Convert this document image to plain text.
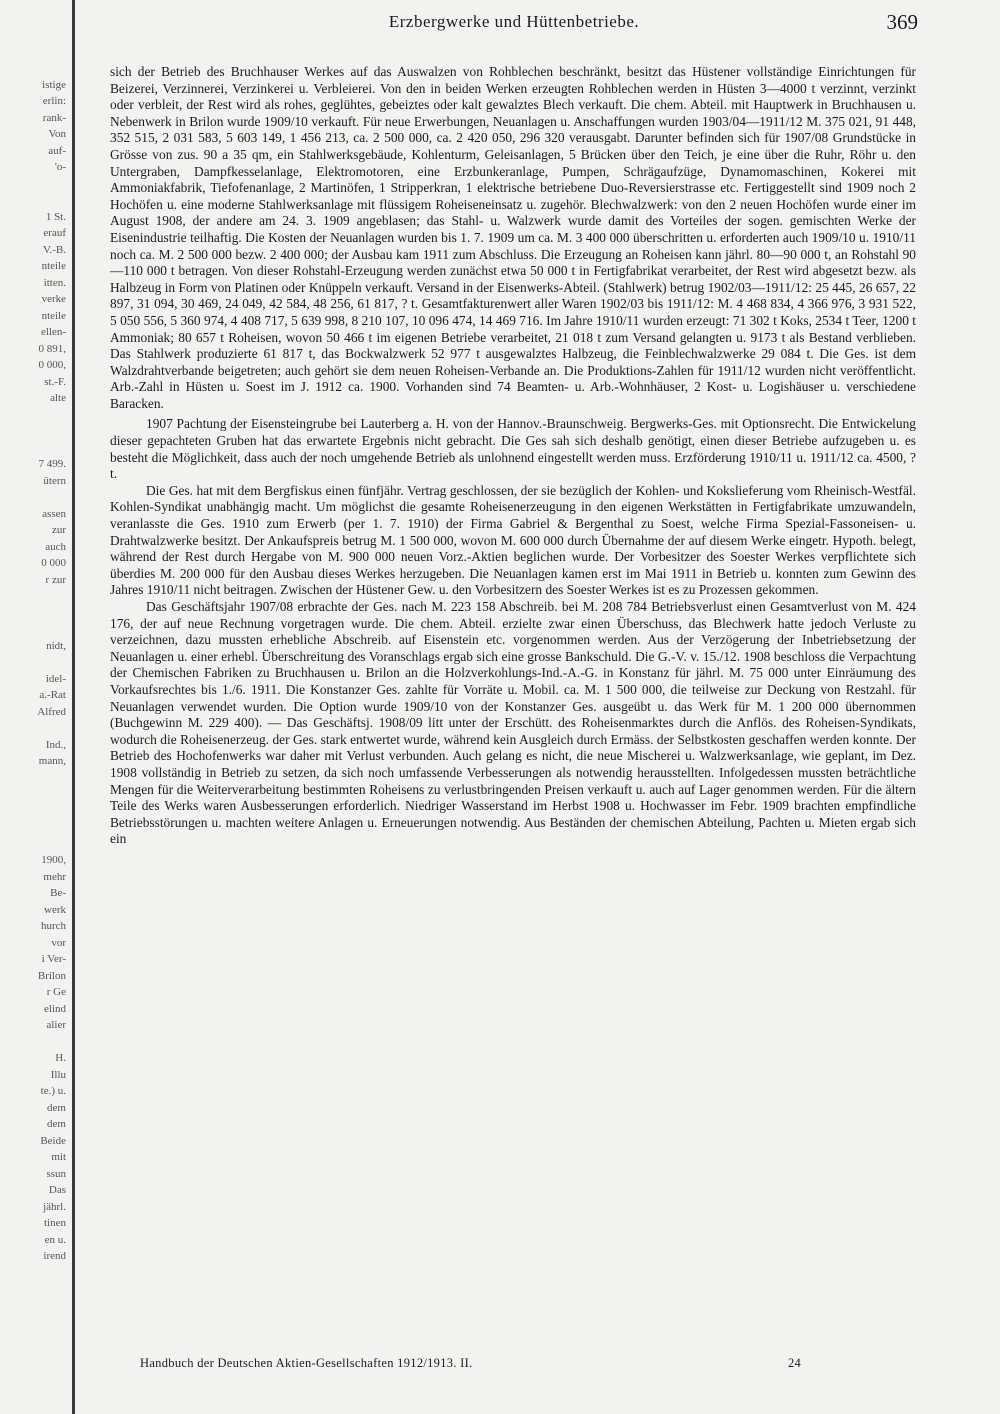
istige
erlin:
rank-
Von
auf-
'o-
1 St.
erauf
V.-B.
nteile
itten.
verke
nteile
ellen-
0 891,
0 000,
st.-F.
alte
7 499.
ütern
assen
zur
auch
0 000
r zur
nidt,
idel-
a.-Rat
Alfred
Ind.,
mann,
1900,
mehr
Be-
werk
hurch
vor
i Ver-
Brilon
r Ge
elind
alier
H.
Illu
te.) u.
dem
dem
Beide
mit
ssun
Das
jährl.
tinen
en u.
irend
Erzbergwerke und Hüttenbetriebe.	369

sich der Betrieb des Bruchhauser Werkes auf das Auswalzen von Rohblechen beschränkt, besitzt das Hüstener vollständige Einrichtungen für Beizerei, Verzinnerei, Verzinkerei u. Verbleierei. Von den in beiden Werken erzeugten Rohblechen werden in Hüsten 3—4000 t verzinnt, verzinkt oder verbleit, der Rest wird als rohes, geglühtes, gebeiztes oder kalt gewalztes Blech verkauft. Die chem. Abteil. mit Hauptwerk in Bruchhausen u. Nebenwerk in Brilon wurde 1909/10 verkauft. Für neue Erwerbungen, Neuanlagen u. Anschaffungen wurden 1903/04—1911/12 M. 375 021, 91 448, 352 515, 2 031 583, 5 603 149, 1 456 213, ca. 2 500 000, ca. 2 420 050, 296 320 verausgabt. Darunter befinden sich für 1907/08 Grundstücke in Grösse von zus. 90 a 35 qm, ein Stahlwerksgebäude, Kohlenturm, Geleisanlagen, 5 Brücken über den Teich, je eine über die Ruhr, Röhr u. den Untergraben, Dampfkesselanlage, Elektromotoren, eine Erzbunkeranlage, Pumpen, Schrägaufzüge, Dynamomaschinen, Kokerei mit Ammoniakfabrik, Tiefofenanlage, 2 Martinöfen, 1 Stripperkran, 1 elektrische betriebene Duo-Reversierstrasse etc. Fertiggestellt sind 1909 noch 2 Hochöfen u. eine moderne Stahlwerksanlage mit flüssigem Roheiseneinsatz u. zugehör. Blechwalzwerk: von den 2 neuen Hochöfen wurde einer im August 1908, der andere am 24. 3. 1909 angeblasen; das Stahl- u. Walzwerk wurde damit des Vorteiles der sogen. gemischten Werke der Eisenindustrie teilhaftig. Die Kosten der Neuanlagen wurden bis 1. 7. 1909 um ca. M. 3 400 000 überschritten u. erforderten auch 1909/10 u. 1910/11 noch ca. M. 2 500 000 bezw. 2 400 000; der Ausbau kam 1911 zum Abschluss. Die Erzeugung an Roheisen kann jährl. 80—90 000 t, an Rohstahl 90—110 000 t betragen. Von dieser Rohstahl-Erzeugung werden zunächst etwa 50 000 t in Fertigfabrikat verarbeitet, der Rest wird abgesetzt bezw. als Halbzeug in Form von Platinen oder Knüppeln verkauft. Versand in der Eisenwerks-Abteil. (Stahlwerk) betrug 1902/03—1911/12: 25 445, 26 657, 22 897, 31 094, 30 469, 24 049, 42 584, 48 256, 61 817, ? t. Gesamtfakturenwert aller Waren 1902/03 bis 1911/12: M. 4 468 834, 4 366 976, 3 931 522, 5 050 556, 5 360 974, 4 408 717, 5 639 998, 8 210 107, 10 096 474, 14 469 716. Im Jahre 1910/11 wurden erzeugt: 71 302 t Koks, 2534 t Teer, 1200 t Ammoniak; 80 657 t Roheisen, wovon 50 466 t im eigenen Betriebe verarbeitet, 21 018 t zum Versand gelangten u. 9173 t als Bestand verblieben. Das Stahlwerk produzierte 61 817 t, das Bockwalzwerk 52 977 t ausgewalztes Halbzeug, die Feinblechwalzwerke 29 084 t. Die Ges. ist dem Walzdrahtverbande beigetreten; auch gehört sie dem neuen Roheisen-Verbande an. Die Produktions-Zahlen für 1911/12 wurden nicht veröffentlicht. Arb.-Zahl in Hüsten u. Soest im J. 1912 ca. 1900. Vorhanden sind 74 Beamten- u. Arb.-Wohnhäuser, 2 Kost- u. Logishäuser u. verschiedene Baracken.

1907 Pachtung der Eisensteingrube bei Lauterberg a. H. von der Hannov.-Braunschweig. Bergwerks-Ges. mit Optionsrecht. Die Entwickelung dieser gepachteten Gruben hat das erwartete Ergebnis nicht gebracht. Die Ges sah sich deshalb genötigt, einen dieser Betriebe aufzugeben u. es besteht die Möglichkeit, dass auch der noch umgehende Betrieb als unlohnend eingestellt werden muss. Erzförderung 1910/11 u. 1911/12 ca. 4500, ? t.

Die Ges. hat mit dem Bergfiskus einen fünfjähr. Vertrag geschlossen, der sie bezüglich der Kohlen- und Kokslieferung vom Rheinisch-Westfäl. Kohlen-Syndikat unabhängig macht. Um möglichst die gesamte Roheisenerzeugung in den eigenen Werkstätten in Fertigfabrikate umzuwandeln, veranlasste die Ges. 1910 zum Erwerb (per 1. 7. 1910) der Firma Gabriel & Bergenthal zu Soest, welche Firma Spezial-Fassoneisen- u. Drahtwalzwerke besitzt. Der Ankaufspreis betrug M. 1 500 000, wovon M. 600 000 durch Übernahme der auf diesem Werke eingetr. Hypoth. belegt, während der Rest durch Hergabe von M. 900 000 neuen Vorz.-Aktien beglichen wurde. Der Vorbesitzer des Soester Werkes verpflichtete sich überdies M. 200 000 für den Ausbau dieses Werkes herzugeben. Die Neuanlagen kamen erst im Mai 1911 in Betrieb u. konnten zum Gewinn des Jahres 1910/11 nicht beitragen. Zwischen der Hüstener Gew. u. den Vorbesitzern des Soester Werkes ist es zu Prozessen gekommen.

Das Geschäftsjahr 1907/08 erbrachte der Ges. nach M. 223 158 Abschreib. bei M. 208 784 Betriebsverlust einen Gesamtverlust von M. 424 176, der auf neue Rechnung vorgetragen wurde. Die chem. Abteil. erzielte zwar einen Überschuss, das Blechwerk hatte jedoch Verluste zu verzeichnen, dazu mussten erhebliche Abschreib. auf Eisenstein etc. vorgenommen werden. Aus der Verzögerung der Inbetriebsetzung der Neuanlagen u. einer erhebl. Überschreitung des Voranschlags ergab sich eine grosse Bankschuld. Die G.-V. v. 15./12. 1908 beschloss die Verpachtung der Chemischen Fabriken zu Bruchhausen u. Brilon an die Holzverkohlungs-Ind.-A.-G. in Konstanz für jährl. M. 75 000 unter Einräumung des Vorkaufsrechtes bis 1./6. 1911. Die Konstanzer Ges. zahlte für Vorräte u. Mobil. ca. M. 1 500 000, die teilweise zur Deckung von Restzahl. für Neuanlagen verwendet wurden. Die Option wurde 1909/10 von der Konstanzer Ges. ausgeübt u. das Werk für M. 1 200 000 übernommen (Buchgewinn M. 229 400). — Das Geschäftsj. 1908/09 litt unter der Erschütt. des Roheisenmarktes durch die Anflös. des Roheisen-Syndikats, wodurch die Roheisenerzeug. der Ges. stark entwertet wurde, während kein Ausgleich durch Ermäss. der Selbstkosten geschaffen werden konnte. Der Betrieb des Hochofenwerks war daher mit Verlust verbunden. Auch gelang es nicht, die neue Mischerei u. Walzwerksanlage, wie geplant, im Dez. 1908 vollständig in Betrieb zu setzen, da sich noch umfassende Verbesserungen als notwendig herausstellten. Infolgedessen mussten beträchtliche Mengen für die Weiterverarbeitung bestimmten Roheisens zu verlustbringenden Preisen verkauft u. auch auf Lager genommen werden. Für die ältern Teile des Werks waren Ausbesserungen erforderlich. Niedriger Wasserstand im Herbst 1908 u. Hochwasser im Febr. 1909 brachten empfindliche Betriebsstörungen u. machten weitere Anlagen u. Erneuerungen notwendig. Aus Beständen der chemischen Abteilung, Pachten u. Mieten ergab sich ein

Handbuch der Deutschen Aktien-Gesellschaften 1912/1913. II.	24
